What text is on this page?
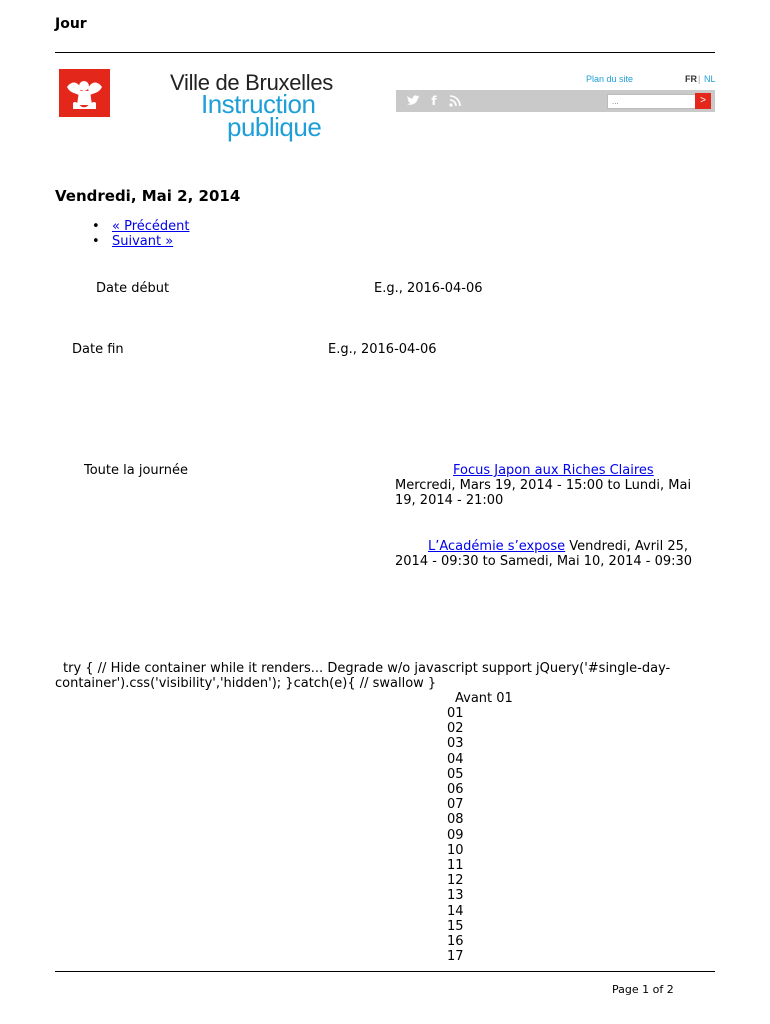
Jour
Ville de Bruxelles
Instruction
publique
Plan du site	FR | NL
f
...	>
Vendredi, Mai 2, 2014
• « Précédent
• Suivant »
Date début	E.g., 2016-04-06
Date fin	E.g., 2016-04-06
Toute la journée	Focus Japon aux Riches Claires
Mercredi, Mars 19, 2014 - 15:00 to Lundi, Mai
19, 2014 - 21:00
L’Académie s’expose Vendredi, Avril 25,
2014 - 09:30 to Samedi, Mai 10, 2014 - 09:30
try { // Hide container while it renders... Degrade w/o javascript support jQuery('#single-day-
container').css('visibility','hidden'); }catch(e){ // swallow }
Avant 01
01
02
03
04
05
06
07
08
09
10
11
12
13
14
15
16
17
Page 1 of 2
